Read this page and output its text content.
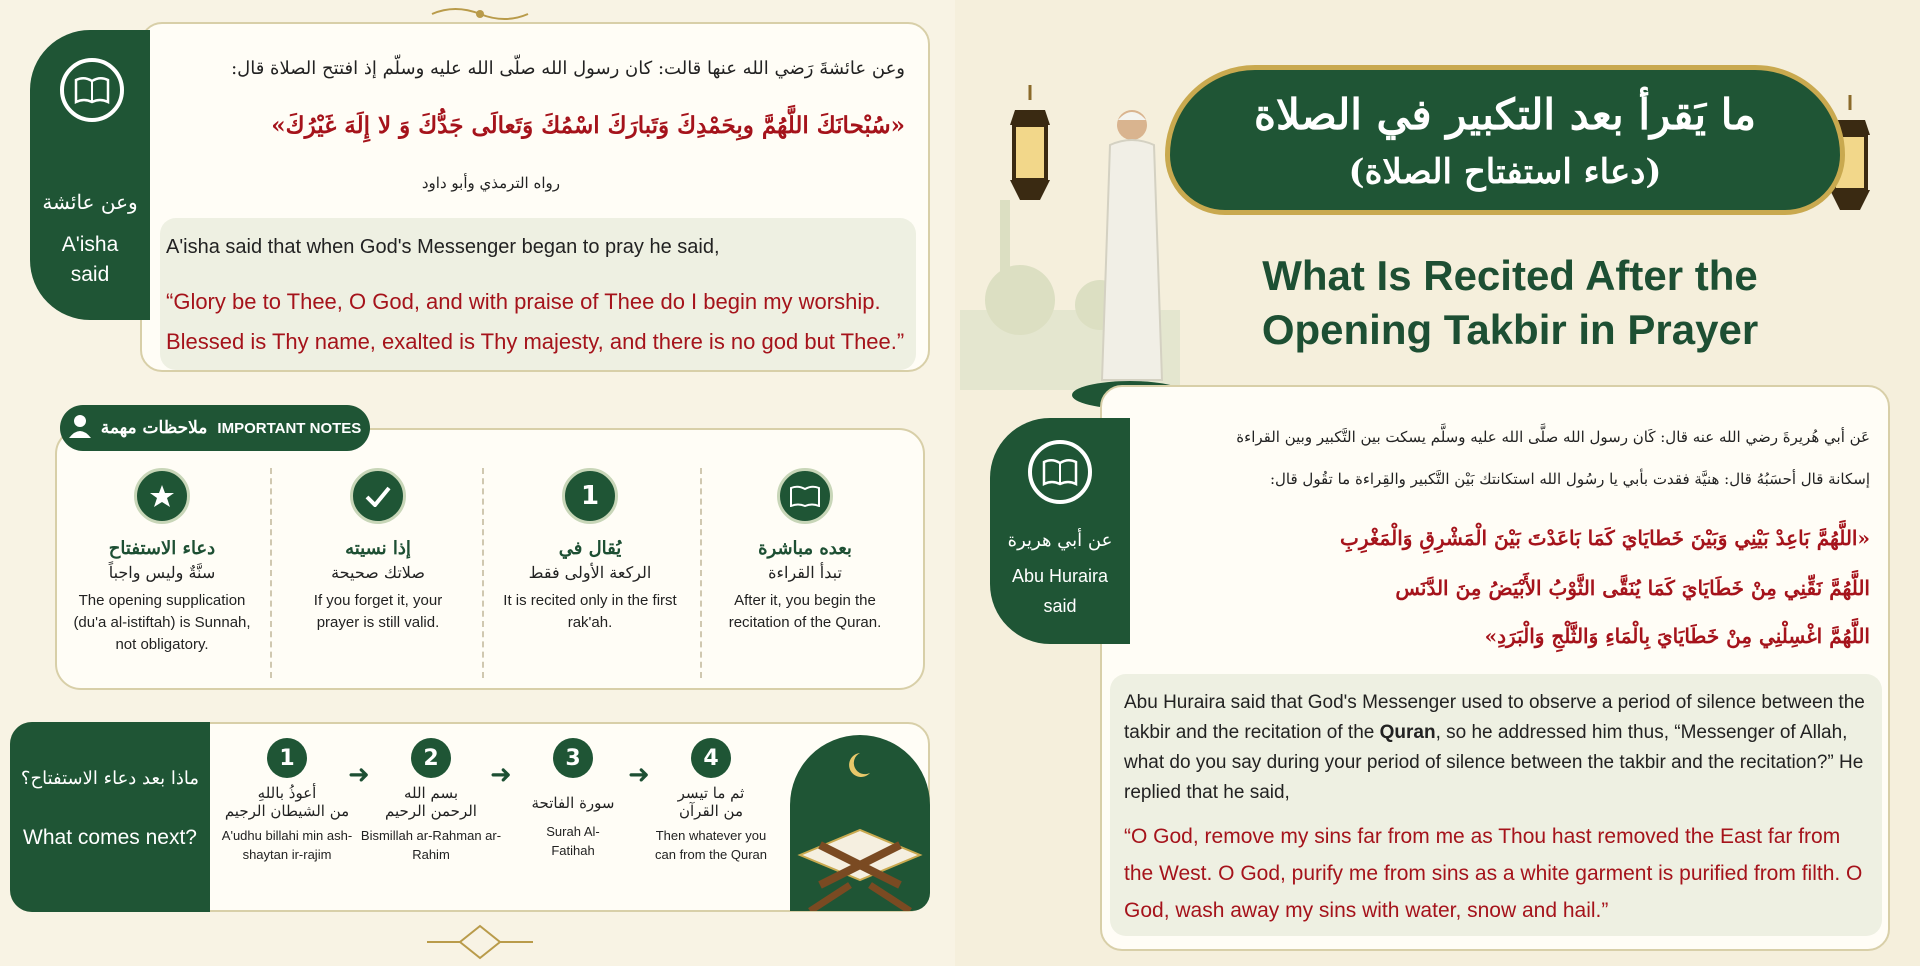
وعن عائشة
A'isha said
وعن عائشةَ رَضي الله عنها قالت: كان رسول الله صلّى الله عليه وسلّم إذ افتتح الصلاة قال:
«سُبْحانَكَ اللَّهُمَّ وبِحَمْدِكَ وَتَبارَكَ اسْمُكَ وَتَعالَى جَدُّكَ وَ لا إِلَهَ غَيْرُكَ»
رواه الترمذي وأبو داود
A'isha said that when God's Messenger began to pray he said,
“Glory be to Thee, O God, and with praise of Thee do I begin my worship. Blessed is Thy name, exalted is Thy majesty, and there is no god but Thee.”
ملاحظات مهمة IMPORTANT NOTES
بعده مباشرة
تبدأ القراءة
After it, you begin the recitation of the Quran.
1
يُقال في
الركعة الأولى فقط
It is recited only in the first rak'ah.
إذا نسيته
صلاتك صحيحة
If you forget it, your prayer is still valid.
دعاء الاستفتاح
سنَّةٌ وليس واجباً
The opening supplication (du'a al-istiftah) is Sunnah, not obligatory.
ماذا بعد دعاء الاستفتاح؟
What comes next?
1
أعوذُ باللهِ
من الشيطان الرجيم
A'udhu billahi min ash-shaytan ir-rajim
➜
2
بسم الله
الرحمن الرحيم
Bismillah ar-Rahman ar-Rahim
➜
3
سورة الفاتحة
Surah Al-Fatihah
➜
4
ثم ما تيسر
من القرآن
Then whatever you can from the Quran
ما يَقرأ بعد التكبير في الصلاة
(دعاء استفتاح الصلاة)
What Is Recited After the
Opening Takbir in Prayer
عن أبي هريرة
Abu Huraira
said
عَن أبي هُريرةَ رضي الله عنه قال: كَان رسول الله صلَّى الله عليه وسلَّم يسكت بين التَّكبير وبين القراءة
إسكانة قال أحسَبُهُ قال: هنيَّة فقدت بأبي يا رسُول الله استكانتك بَيْن التَّكبير والقِراءة ما تقُول قال:
«اللَّهُمَّ بَاعِدْ بَيْنِي وَبَيْنَ خَطايَايَ كَمَا بَاعَدْتَ بَيْنَ الْمَشْرِقِ وَالْمَغْرِبِ
اللَّهُمَّ نَقِّنِي مِنْ خَطَايَايَ كَمَا يُنَقَّى الثَّوْبُ الأَبْيَضُ مِنَ الدَّنَس
اللَّهُمَّ اغْسِلْنِي مِنْ خَطَايَايَ بِالْمَاءِ وَالثَّلْجِ وَالْبَرَدِ»
Abu Huraira said that God's Messenger used to observe a period of silence between the takbir and the recitation of the Quran, so he addressed him thus, “Messenger of Allah, what do you say during your period of silence between the takbir and the recitation?” He replied that he said,
“O God, remove my sins far from me as Thou hast removed the East far from the West. O God, purify me from sins as a white garment is purified from filth. O God, wash away my sins with water, snow and hail.”
